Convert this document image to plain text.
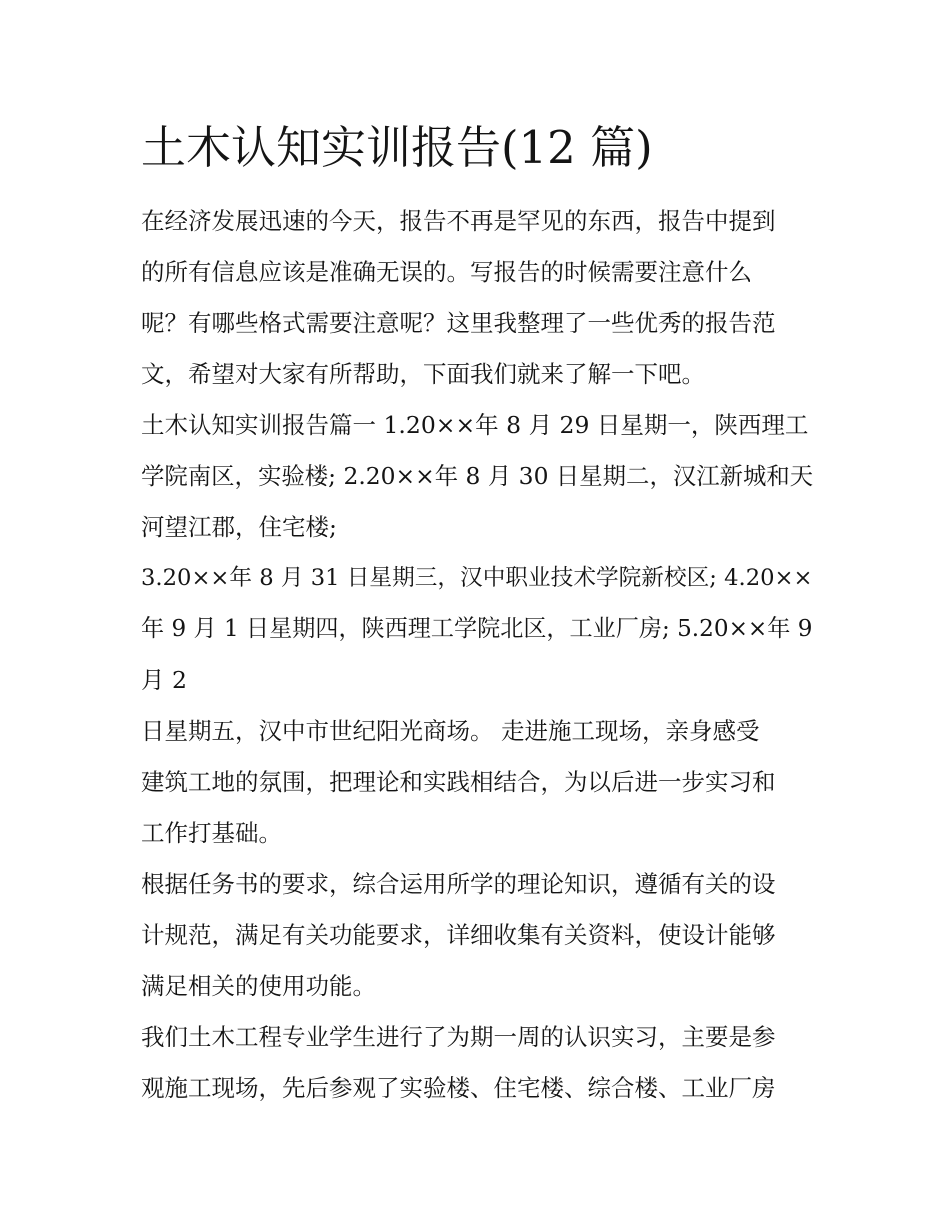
土木认知实训报告(12 篇)

在经济发展迅速的今天，报告不再是罕见的东西，报告中提到
的所有信息应该是准确无误的。写报告的时候需要注意什么
呢？有哪些格式需要注意呢？这里我整理了一些优秀的报告范
文，希望对大家有所帮助，下面我们就来了解一下吧。

土木认知实训报告篇一 1.20××年 8 月 29 日星期一，陕西理工
学院南区，实验楼; 2.20××年 8 月 30 日星期二，汉江新城和天
河望江郡，住宅楼;

3.20××年 8 月 31 日星期三，汉中职业技术学院新校区; 4.20××
年 9 月 1 日星期四，陕西理工学院北区，工业厂房; 5.20××年 9
月 2

日星期五，汉中市世纪阳光商场。 走进施工现场，亲身感受
建筑工地的氛围，把理论和实践相结合，为以后进一步实习和
工作打基础。

根据任务书的要求，综合运用所学的理论知识，遵循有关的设
计规范，满足有关功能要求，详细收集有关资料，使设计能够
满足相关的使用功能。

我们土木工程专业学生进行了为期一周的认识实习，主要是参
观施工现场，先后参观了实验楼、住宅楼、综合楼、工业厂房
